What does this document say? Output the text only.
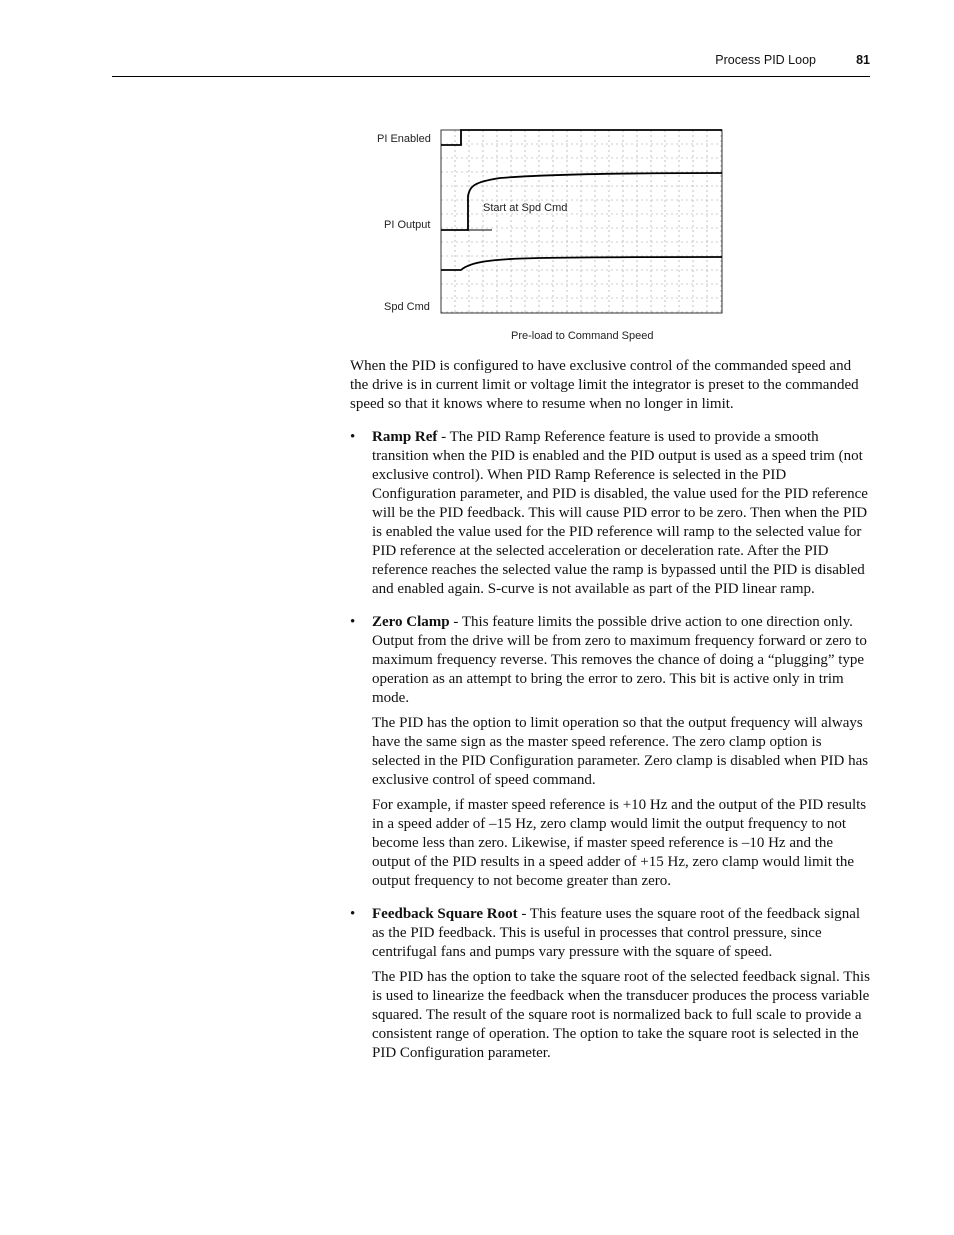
Process PID Loop	81
PI Enabled
PI Output
Spd Cmd
Start at Spd Cmd
Pre-load to Command Speed

When the PID is configured to have exclusive control of the commanded speed and the drive is in current limit or voltage limit the integrator is preset to the commanded speed so that it knows where to resume when no longer in limit.

• Ramp Ref - The PID Ramp Reference feature is used to provide a smooth transition when the PID is enabled and the PID output is used as a speed trim (not exclusive control). When PID Ramp Reference is selected in the PID Configuration parameter, and PID is disabled, the value used for the PID reference will be the PID feedback. This will cause PID error to be zero. Then when the PID is enabled the value used for the PID reference will ramp to the selected value for PID reference at the selected acceleration or deceleration rate. After the PID reference reaches the selected value the ramp is bypassed until the PID is disabled and enabled again. S-curve is not available as part of the PID linear ramp.

• Zero Clamp - This feature limits the possible drive action to one direction only. Output from the drive will be from zero to maximum frequency forward or zero to maximum frequency reverse. This removes the chance of doing a “plugging” type operation as an attempt to bring the error to zero. This bit is active only in trim mode.

The PID has the option to limit operation so that the output frequency will always have the same sign as the master speed reference. The zero clamp option is selected in the PID Configuration parameter. Zero clamp is disabled when PID has exclusive control of speed command.

For example, if master speed reference is +10 Hz and the output of the PID results in a speed adder of –15 Hz, zero clamp would limit the output frequency to not become less than zero. Likewise, if master speed reference is –10 Hz and the output of the PID results in a speed adder of +15 Hz, zero clamp would limit the output frequency to not become greater than zero.

• Feedback Square Root - This feature uses the square root of the feedback signal as the PID feedback. This is useful in processes that control pressure, since centrifugal fans and pumps vary pressure with the square of speed.

The PID has the option to take the square root of the selected feedback signal. This is used to linearize the feedback when the transducer produces the process variable squared. The result of the square root is normalized back to full scale to provide a consistent range of operation. The option to take the square root is selected in the PID Configuration parameter.
